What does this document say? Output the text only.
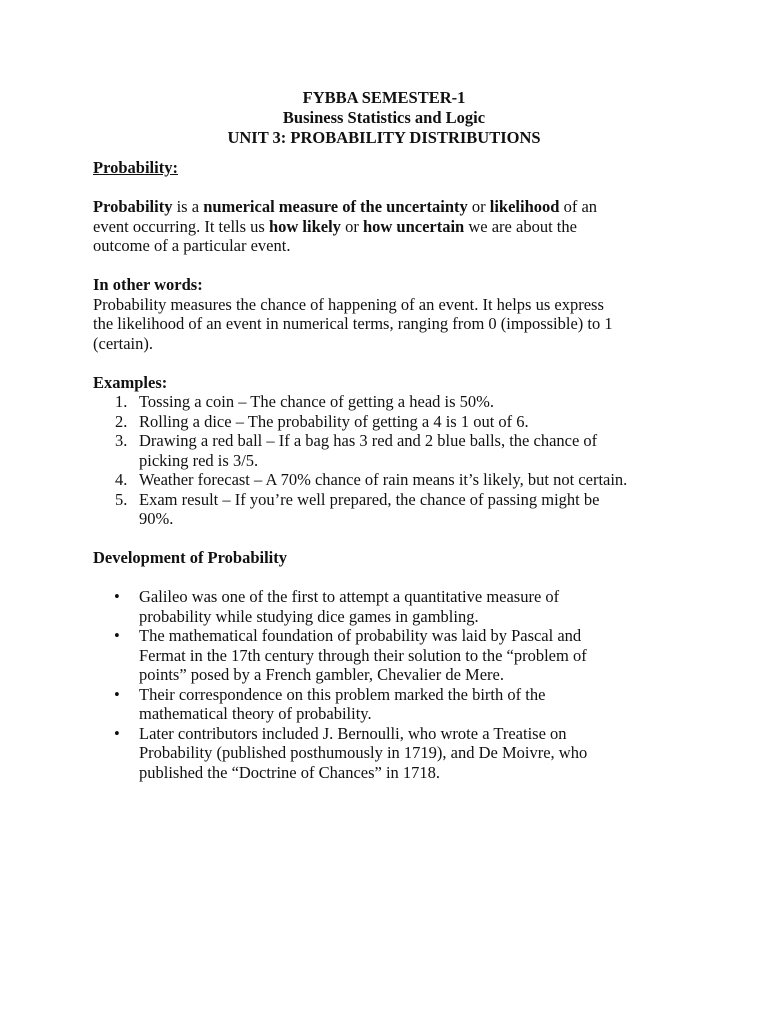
FYBBA SEMESTER-1
Business Statistics and Logic
UNIT 3: PROBABILITY DISTRIBUTIONS
Probability:
Probability is a numerical measure of the uncertainty or likelihood of an
event occurring. It tells us how likely or how uncertain we are about the
outcome of a particular event.
In other words:
Probability measures the chance of happening of an event. It helps us express
the likelihood of an event in numerical terms, ranging from 0 (impossible) to 1
(certain).
Examples:
1. Tossing a coin – The chance of getting a head is 50%.
2. Rolling a dice – The probability of getting a 4 is 1 out of 6.
3. Drawing a red ball – If a bag has 3 red and 2 blue balls, the chance of
picking red is 3/5.
4. Weather forecast – A 70% chance of rain means it’s likely, but not certain.
5. Exam result – If you’re well prepared, the chance of passing might be
90%.
Development of Probability
• Galileo was one of the first to attempt a quantitative measure of
probability while studying dice games in gambling.
• The mathematical foundation of probability was laid by Pascal and
Fermat in the 17th century through their solution to the “problem of
points” posed by a French gambler, Chevalier de Mere.
• Their correspondence on this problem marked the birth of the
mathematical theory of probability.
• Later contributors included J. Bernoulli, who wrote a Treatise on
Probability (published posthumously in 1719), and De Moivre, who
published the “Doctrine of Chances” in 1718.
